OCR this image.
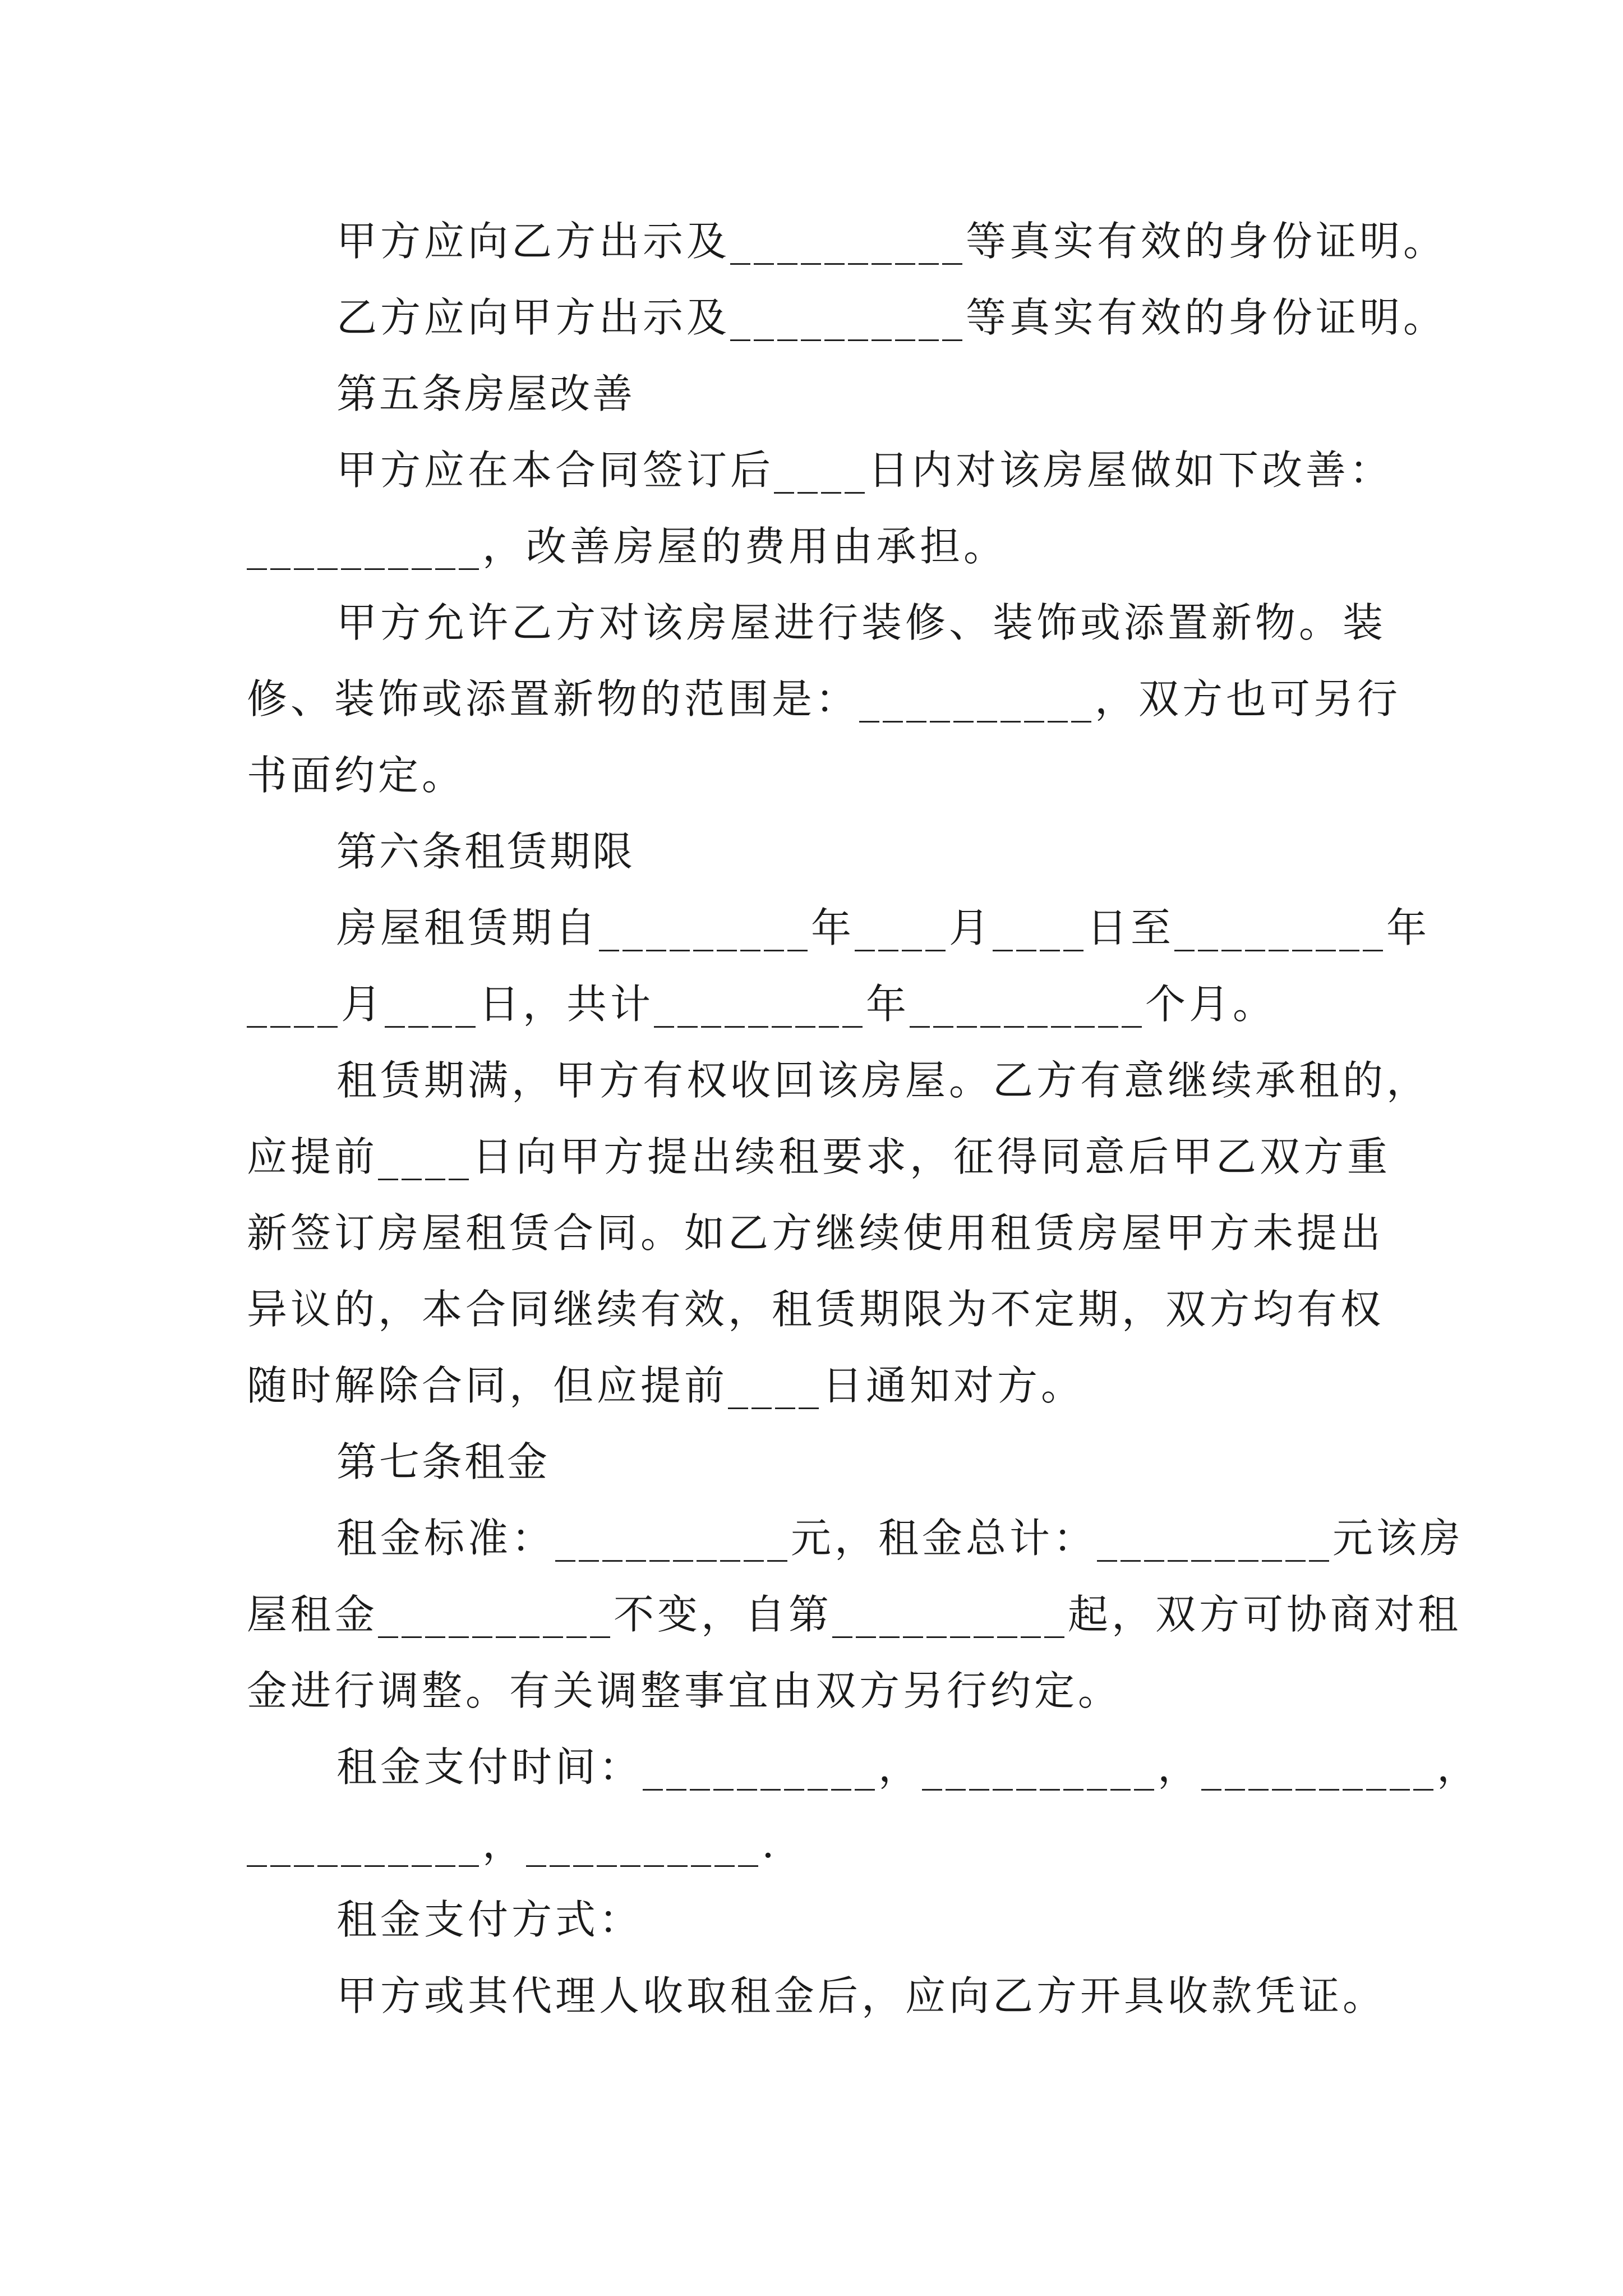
甲方应向乙方出示及__________等真实有效的身份证明。
乙方应向甲方出示及__________等真实有效的身份证明。
第五条房屋改善
甲方应在本合同签订后____日内对该房屋做如下改善：
__________，改善房屋的费用由承担。
甲方允许乙方对该房屋进行装修、装饰或添置新物。装
修、装饰或添置新物的范围是：__________，双方也可另行
书面约定。
第六条租赁期限
房屋租赁期自_________年____月____日至_________年
____月____日，共计_________年__________个月。
租赁期满，甲方有权收回该房屋。乙方有意继续承租的，
应提前____日向甲方提出续租要求，征得同意后甲乙双方重
新签订房屋租赁合同。如乙方继续使用租赁房屋甲方未提出
异议的，本合同继续有效，租赁期限为不定期，双方均有权
随时解除合同，但应提前____日通知对方。
第七条租金
租金标准：__________元，租金总计：__________元该房
屋租金__________不变，自第__________起，双方可协商对租
金进行调整。有关调整事宜由双方另行约定。
租金支付时间：__________，__________，__________，
__________，__________.
租金支付方式：
甲方或其代理人收取租金后，应向乙方开具收款凭证。
